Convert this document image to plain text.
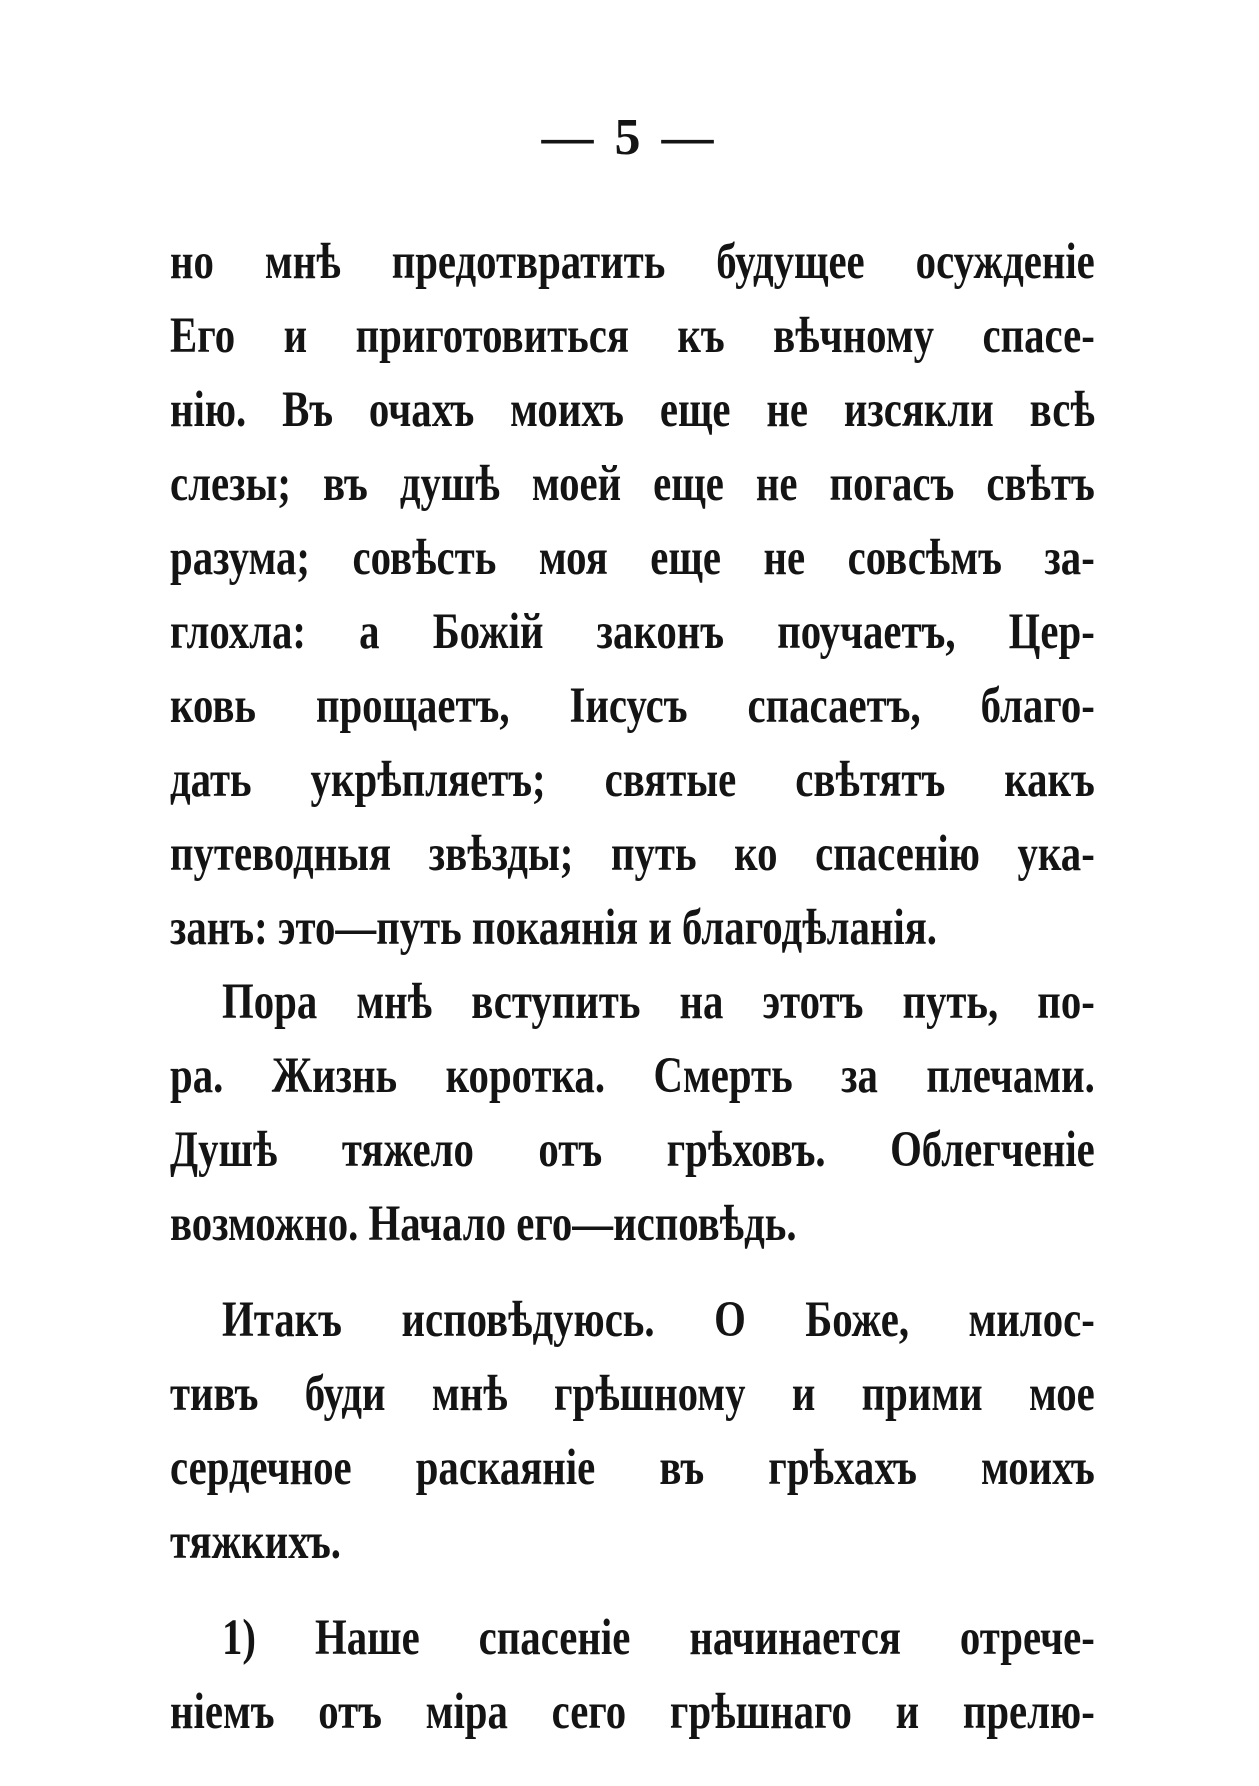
— 5 —
но мнѣ предотвратить будущее осужденіе
Его и приготовиться къ вѣчному спасе-
нію. Въ очахъ моихъ еще не изсякли всѣ
слезы; въ душѣ моей еще не погасъ свѣтъ
разума; совѣсть моя еще не совсѣмъ за-
глохла: а Божій законъ поучаетъ, Цер-
ковь прощаетъ, Іисусъ спасаетъ, благо-
дать укрѣпляетъ; святые свѣтятъ какъ
путеводныя звѣзды; путь ко спасенію ука-
занъ: это—путь покаянія и благодѣланія.
Пора мнѣ вступить на этотъ путь, по-
ра. Жизнь коротка. Смерть за плечами.
Душѣ тяжело отъ грѣховъ. Облегченіе
возможно. Начало его—исповѣдь.
Итакъ исповѣдуюсь. О Боже, милос-
тивъ буди мнѣ грѣшному и прими мое
сердечное раскаяніе въ грѣхахъ моихъ
тяжкихъ.
1) Наше спасеніе начинается отрече-
ніемъ отъ міра сего грѣшнаго и прелю-
